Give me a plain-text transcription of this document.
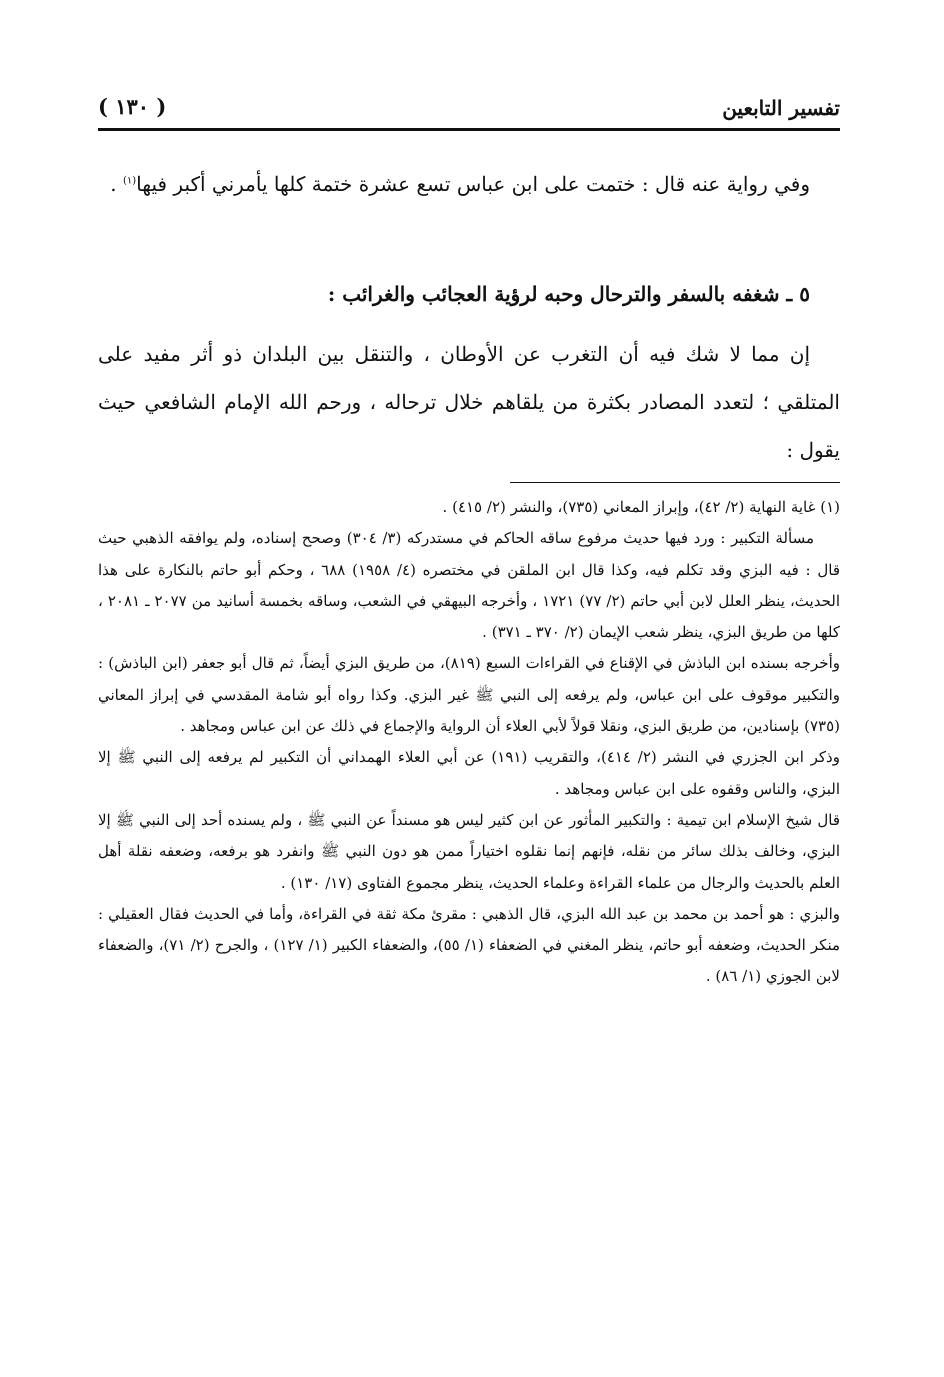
تفسير التابعين
( ١٣٠ )

وفي رواية عنه قال : ختمت على ابن عباس تسع عشرة ختمة كلها يأمرني أكبر فيها$^{(١)}$ .

٥ ـ شغفه بالسفر والترحال وحبه لرؤية العجائب والغرائب :

إن مما لا شك فيه أن التغرب عن الأوطان ، والتنقل بين البلدان ذو أثر مفيد على المتلقي ؛ لتعدد المصادر بكثرة من يلقاهم خلال ترحاله ، ورحم الله الإمام الشافعي حيث يقول :

(١) غاية النهاية (٢/ ٤٢)، وإبراز المعاني (٧٣٥)، والنشر (٢/ ٤١٥) .

مسألة التكبير : ورد فيها حديث مرفوع ساقه الحاكم في مستدركه (٣/ ٣٠٤) وصحح إسناده، ولم يوافقه الذهبي حيث قال : فيه البزي وقد تكلم فيه، وكذا قال ابن الملقن في مختصره (٤/ ١٩٥٨) ٦٨٨ ، وحكم أبو حاتم بالنكارة على هذا الحديث، ينظر العلل لابن أبي حاتم (٢/ ٧٧) ١٧٢١ ، وأخرجه البيهقي في الشعب، وساقه بخمسة أسانيد من ٢٠٧٧ ـ ٢٠٨١ ، كلها من طريق البزي، ينظر شعب الإيمان (٢/ ٣٧٠ ـ ٣٧١) .

وأخرجه بسنده ابن الباذش في الإقناع في القراءات السبع (٨١٩)، من طريق البزي أيضاً، ثم قال أبو جعفر (ابن الباذش) : والتكبير موقوف على ابن عباس، ولم يرفعه إلى النبي ﷺ غير البزي. وكذا رواه أبو شامة المقدسي في إبراز المعاني (٧٣٥) بإسنادين، من طريق البزي، ونقلا قولاً لأبي العلاء أن الرواية والإجماع في ذلك عن ابن عباس ومجاهد .

وذكر ابن الجزري في النشر (٢/ ٤١٤)، والتقريب (١٩١) عن أبي العلاء الهمداني أن التكبير لم يرفعه إلى النبي ﷺ إلا البزي، والناس وقفوه على ابن عباس ومجاهد .

قال شيخ الإسلام ابن تيمية : والتكبير المأثور عن ابن كثير ليس هو مسنداً عن النبي ﷺ ، ولم يسنده أحد إلى النبي ﷺ إلا البزي، وخالف بذلك سائر من نقله، فإنهم إنما نقلوه اختياراً ممن هو دون النبي ﷺ وانفرد هو برفعه، وضعفه نقلة أهل العلم بالحديث والرجال من علماء القراءة وعلماء الحديث، ينظر مجموع الفتاوى (١٧/ ١٣٠) .

والبزي : هو أحمد بن محمد بن عبد الله البزي، قال الذهبي : مقرئ مكة ثقة في القراءة، وأما في الحديث فقال العقيلي : منكر الحديث، وضعفه أبو حاتم، ينظر المغني في الضعفاء (١/ ٥٥)، والضعفاء الكبير (١/ ١٢٧) ، والجرح (٢/ ٧١)، والضعفاء لابن الجوزي (١/ ٨٦) .
